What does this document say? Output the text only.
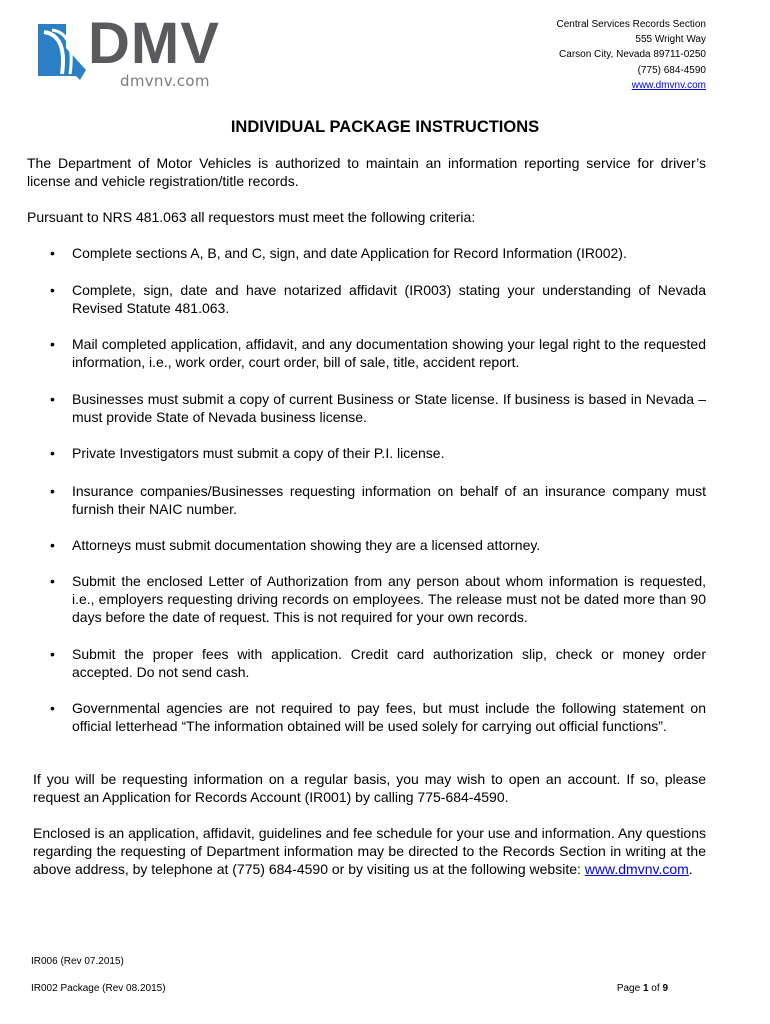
DMV
dmvnv.com
Central Services Records Section
555 Wright Way
Carson City, Nevada 89711-0250
(775) 684-4590
www.dmvnv.com
INDIVIDUAL PACKAGE INSTRUCTIONS
The Department of Motor Vehicles is authorized to maintain an information reporting service for driver’s license and vehicle registration/title records.
Pursuant to NRS 481.063 all requestors must meet the following criteria:
• Complete sections A, B, and C, sign, and date Application for Record Information (IR002).
• Complete, sign, date and have notarized affidavit (IR003) stating your understanding of Nevada Revised Statute 481.063.
• Mail completed application, affidavit, and any documentation showing your legal right to the requested information, i.e., work order, court order, bill of sale, title, accident report.
• Businesses must submit a copy of current Business or State license. If business is based in Nevada – must provide State of Nevada business license.
• Private Investigators must submit a copy of their P.I. license.
• Insurance companies/Businesses requesting information on behalf of an insurance company must furnish their NAIC number.
• Attorneys must submit documentation showing they are a licensed attorney.
• Submit the enclosed Letter of Authorization from any person about whom information is requested, i.e., employers requesting driving records on employees. The release must not be dated more than 90 days before the date of request. This is not required for your own records.
• Submit the proper fees with application. Credit card authorization slip, check or money order accepted. Do not send cash.
• Governmental agencies are not required to pay fees, but must include the following statement on official letterhead “The information obtained will be used solely for carrying out official functions”.
If you will be requesting information on a regular basis, you may wish to open an account. If so, please request an Application for Records Account (IR001) by calling 775-684-4590.
Enclosed is an application, affidavit, guidelines and fee schedule for your use and information. Any questions regarding the requesting of Department information may be directed to the Records Section in writing at the above address, by telephone at (775) 684-4590 or by visiting us at the following website: www.dmvnv.com.
IR006 (Rev 07.2015)
IR002 Package (Rev 08.2015)	Page 1 of 9
